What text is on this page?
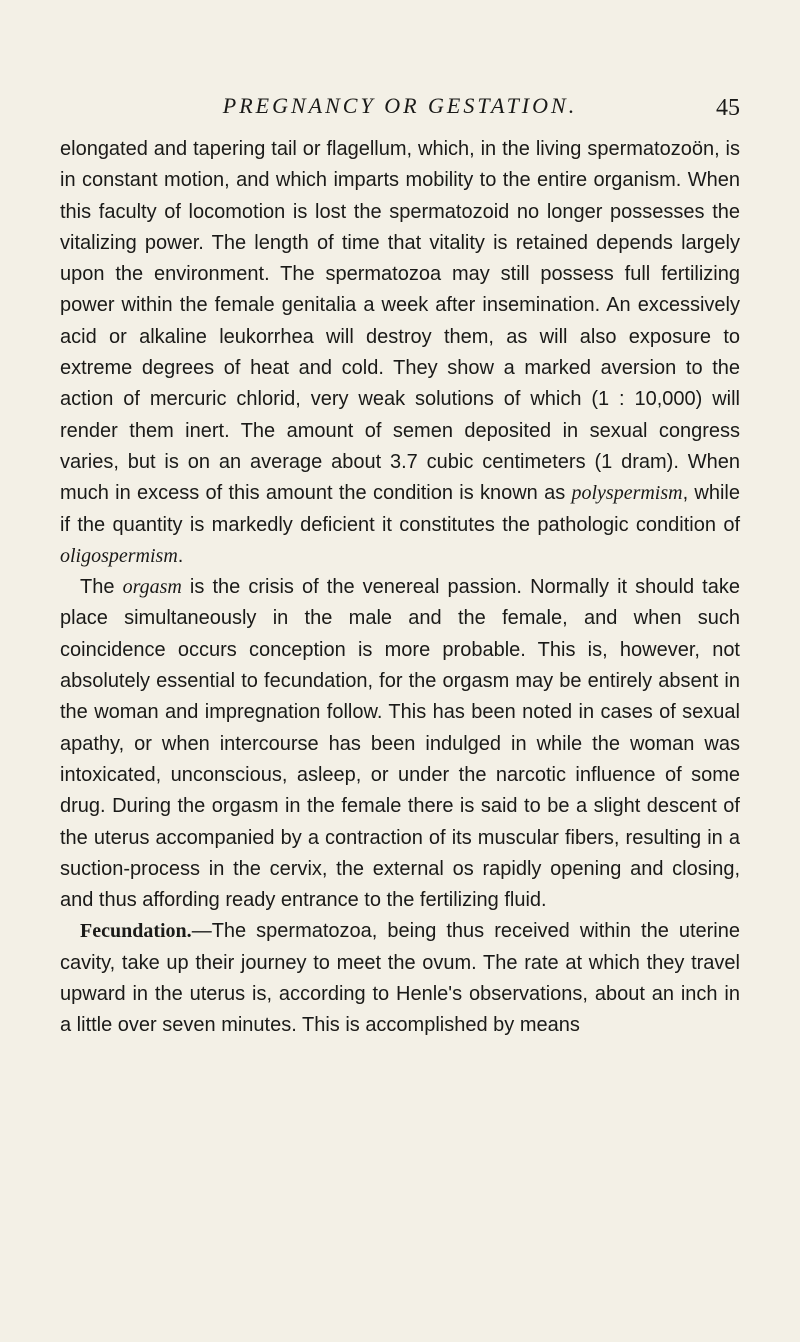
PREGNANCY OR GESTATION.	45

elongated and tapering tail or flagellum, which, in the living spermatozoön, is in constant motion, and which imparts mobility to the entire organism. When this faculty of locomotion is lost the spermatozoid no longer possesses the vitalizing power. The length of time that vitality is retained depends largely upon the environment. The spermatozoa may still possess full fertilizing power within the female genitalia a week after insemination. An excessively acid or alkaline leukorrhea will destroy them, as will also exposure to extreme degrees of heat and cold. They show a marked aversion to the action of mercuric chlorid, very weak solutions of which (1 : 10,000) will render them inert. The amount of semen deposited in sexual congress varies, but is on an average about 3.7 cubic centimeters (1 dram). When much in excess of this amount the condition is known as polyspermism, while if the quantity is markedly deficient it constitutes the pathologic condition of oligospermism.

The orgasm is the crisis of the venereal passion. Normally it should take place simultaneously in the male and the female, and when such coincidence occurs conception is more probable. This is, however, not absolutely essential to fecundation, for the orgasm may be entirely absent in the woman and impregnation follow. This has been noted in cases of sexual apathy, or when intercourse has been indulged in while the woman was intoxicated, unconscious, asleep, or under the narcotic influence of some drug. During the orgasm in the female there is said to be a slight descent of the uterus accompanied by a contraction of its muscular fibers, resulting in a suction-process in the cervix, the external os rapidly opening and closing, and thus affording ready entrance to the fertilizing fluid.

Fecundation.—The spermatozoa, being thus received within the uterine cavity, take up their journey to meet the ovum. The rate at which they travel upward in the uterus is, according to Henle's observations, about an inch in a little over seven minutes. This is accomplished by means
